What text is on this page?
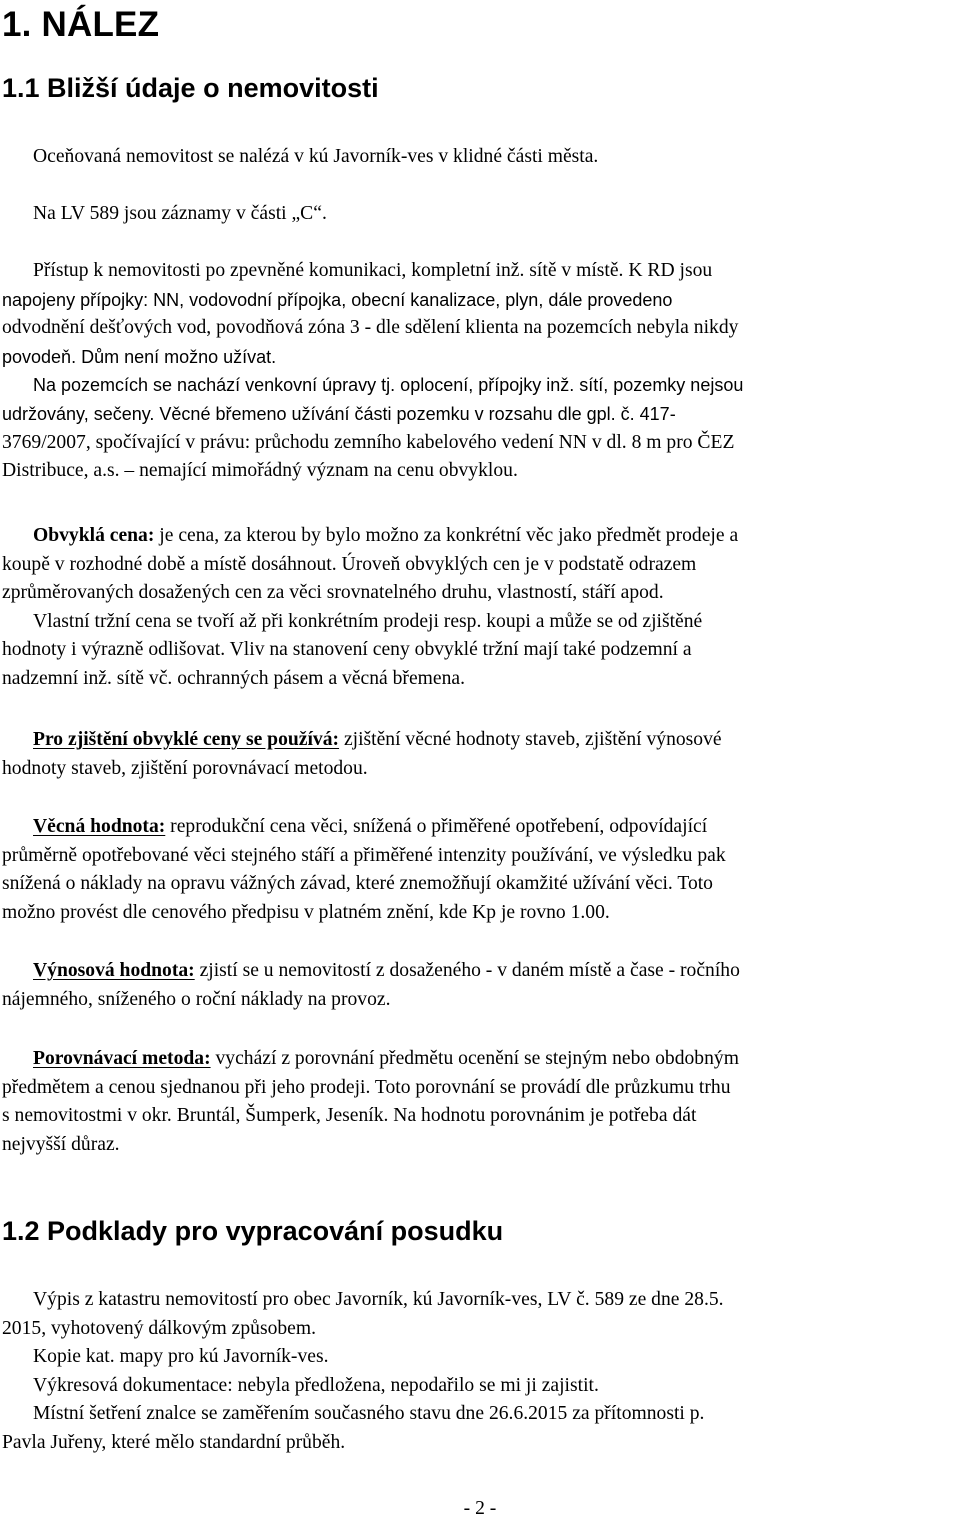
1. NÁLEZ
1.1 Bližší údaje o nemovitosti

Oceňovaná nemovitost se nalézá v kú Javorník-ves v klidné části města.

Na LV 589 jsou záznamy v části „C“.

Přístup k nemovitosti po zpevněné komunikaci, kompletní inž. sítě v místě. K RD jsou
napojeny přípojky: NN, vodovodní přípojka, obecní kanalizace, plyn, dále provedeno
odvodnění dešťových vod, povodňová zóna 3 - dle sdělení klienta na pozemcích nebyla nikdy
povodeň. Dům není možno užívat.
Na pozemcích se nachází venkovní úpravy tj. oplocení, přípojky inž. sítí, pozemky nejsou
udržovány, sečeny. Věcné břemeno užívání části pozemku v rozsahu dle gpl. č. 417-
3769/2007, spočívající v právu: průchodu zemního kabelového vedení NN v dl. 8 m pro ČEZ
Distribuce, a.s. – nemající mimořádný význam na cenu obvyklou.
Obvyklá cena: je cena, za kterou by bylo možno za konkrétní věc jako předmět prodeje a
koupě v rozhodné době a místě dosáhnout. Úroveň obvyklých cen je v podstatě odrazem
zprůměrovaných dosažených cen za věci srovnatelného druhu, vlastností, stáří apod.
Vlastní tržní cena se tvoří až při konkrétním prodeji resp. koupi a může se od zjištěné
hodnoty i výrazně odlišovat. Vliv na stanovení ceny obvyklé tržní mají také podzemní a
nadzemní inž. sítě vč. ochranných pásem a věcná břemena.
Pro zjištění obvyklé ceny se používá: zjištění věcné hodnoty staveb, zjištění výnosové
hodnoty staveb, zjištění porovnávací metodou.
Věcná hodnota: reprodukční cena věci, snížená o přiměřené opotřebení, odpovídající
průměrně opotřebované věci stejného stáří a přiměřené intenzity používání, ve výsledku pak
snížená o náklady na opravu vážných závad, které znemožňují okamžité užívání věci. Toto
možno provést dle cenového předpisu v platném znění, kde Kp je rovno 1.00.
Výnosová hodnota: zjistí se u nemovitostí z dosaženého - v daném místě a čase - ročního
nájemného, sníženého o roční náklady na provoz.
Porovnávací metoda: vychází z porovnání předmětu ocenění se stejným nebo obdobným
předmětem a cenou sjednanou při jeho prodeji. Toto porovnání se provádí dle průzkumu trhu
s nemovitostmi v okr. Bruntál, Šumperk, Jeseník. Na hodnotu porovnánim je potřeba dát
nejvyšší důraz.
1.2 Podklady pro vypracování posudku
Výpis z katastru nemovitostí pro obec Javorník, kú Javorník-ves, LV č. 589 ze dne 28.5.
2015, vyhotovený dálkovým způsobem.
Kopie kat. mapy pro kú Javorník-ves.
Výkresová dokumentace: nebyla předložena, nepodařilo se mi ji zajistit.
Místní šetření znalce se zaměřením současného stavu dne 26.6.2015 za přítomnosti p.
Pavla Juřeny, které mělo standardní průběh.
- 2 -
